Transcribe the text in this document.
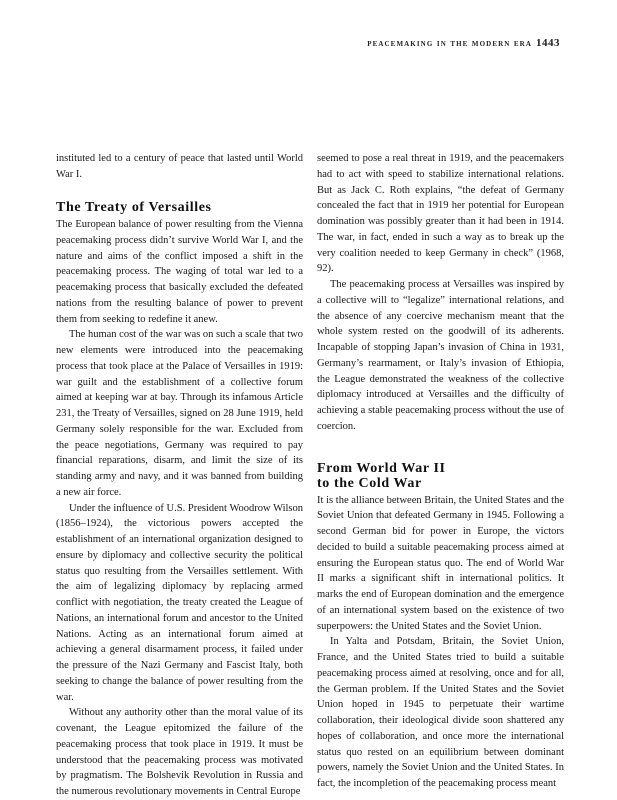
peacemaking in the modern era 1443

instituted led to a century of peace that lasted until World War I.

The Treaty of Versailles

The European balance of power resulting from the Vienna peacemaking process didn’t survive World War I, and the nature and aims of the conflict imposed a shift in the peacemaking process. The waging of total war led to a peacemaking process that basically excluded the defeated nations from the resulting balance of power to prevent them from seeking to redefine it anew.

The human cost of the war was on such a scale that two new elements were introduced into the peacemaking process that took place at the Palace of Versailles in 1919: war guilt and the establishment of a collective forum aimed at keeping war at bay. Through its infamous Article 231, the Treaty of Versailles, signed on 28 June 1919, held Germany solely responsible for the war. Excluded from the peace negotiations, Germany was required to pay financial reparations, disarm, and limit the size of its standing army and navy, and it was banned from building a new air force.

Under the influence of U.S. President Woodrow Wilson (1856–1924), the victorious powers accepted the establishment of an international organization designed to ensure by diplomacy and collective security the political status quo resulting from the Versailles settlement. With the aim of legalizing diplomacy by replacing armed conflict with negotiation, the treaty created the League of Nations, an international forum and ancestor to the United Nations. Acting as an international forum aimed at achieving a general disarmament process, it failed under the pressure of the Nazi Germany and Fascist Italy, both seeking to change the balance of power resulting from the war.

Without any authority other than the moral value of its covenant, the League epitomized the failure of the peacemaking process that took place in 1919. It must be understood that the peacemaking process was motivated by pragmatism. The Bolshevik Revolution in Russia and the numerous revolutionary movements in Central Europe

seemed to pose a real threat in 1919, and the peacemakers had to act with speed to stabilize international relations. But as Jack C. Roth explains, “the defeat of Germany concealed the fact that in 1919 her potential for European domination was possibly greater than it had been in 1914. The war, in fact, ended in such a way as to break up the very coalition needed to keep Germany in check” (1968, 92).

The peacemaking process at Versailles was inspired by a collective will to “legalize” international relations, and the absence of any coercive mechanism meant that the whole system rested on the goodwill of its adherents. Incapable of stopping Japan’s invasion of China in 1931, Germany’s rearmament, or Italy’s invasion of Ethiopia, the League demonstrated the weakness of the collective diplomacy introduced at Versailles and the difficulty of achieving a stable peacemaking process without the use of coercion.

From World War II
to the Cold War

It is the alliance between Britain, the United States and the Soviet Union that defeated Germany in 1945. Following a second German bid for power in Europe, the victors decided to build a suitable peacemaking process aimed at ensuring the European status quo. The end of World War II marks a significant shift in international politics. It marks the end of European domination and the emergence of an international system based on the existence of two superpowers: the United States and the Soviet Union.

In Yalta and Potsdam, Britain, the Soviet Union, France, and the United States tried to build a suitable peacemaking process aimed at resolving, once and for all, the German problem. If the United States and the Soviet Union hoped in 1945 to perpetuate their wartime collaboration, their ideological divide soon shattered any hopes of collaboration, and once more the international status quo rested on an equilibrium between dominant powers, namely the Soviet Union and the United States. In fact, the incompletion of the peacemaking process meant
